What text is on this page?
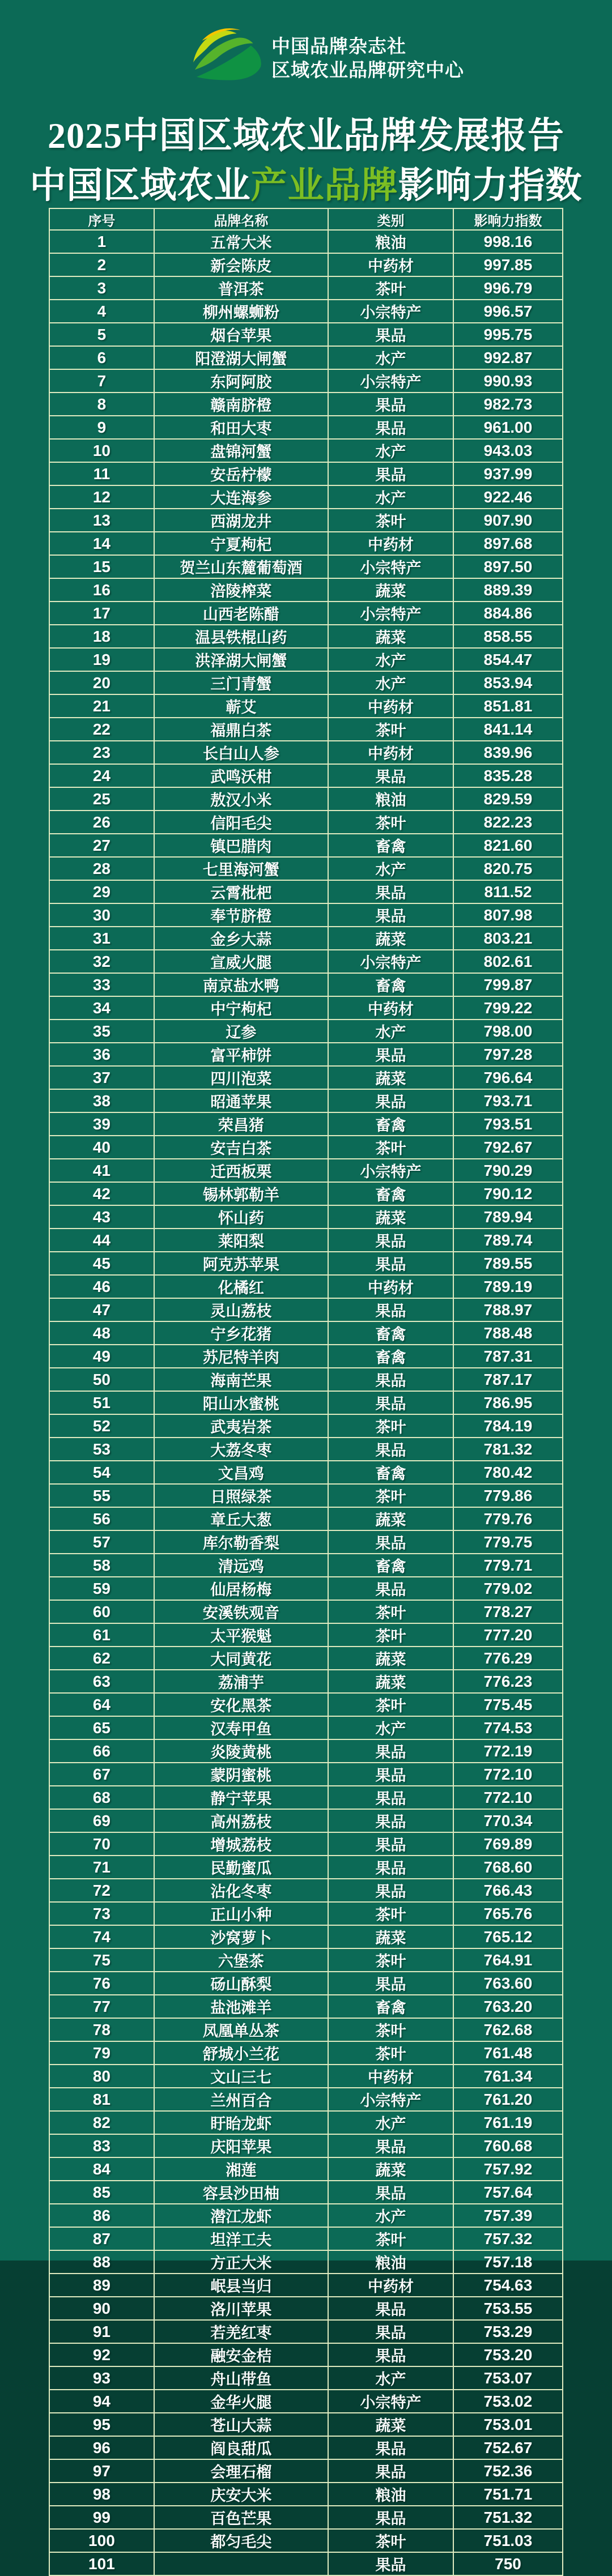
中国品牌杂志社
区域农业品牌研究中心
2025中国区域农业品牌发展报告
中国区域农业产业品牌影响力指数
序号	品牌名称	类别	影响力指数
1	五常大米	粮油	998.16
2	新会陈皮	中药材	997.85
3	普洱茶	茶叶	996.79
4	柳州螺蛳粉	小宗特产	996.57
5	烟台苹果	果品	995.75
6	阳澄湖大闸蟹	水产	992.87
7	东阿阿胶	小宗特产	990.93
8	赣南脐橙	果品	982.73
9	和田大枣	果品	961.00
10	盘锦河蟹	水产	943.03
11	安岳柠檬	果品	937.99
12	大连海参	水产	922.46
13	西湖龙井	茶叶	907.90
14	宁夏枸杞	中药材	897.68
15	贺兰山东麓葡萄酒	小宗特产	897.50
16	涪陵榨菜	蔬菜	889.39
17	山西老陈醋	小宗特产	884.86
18	温县铁棍山药	蔬菜	858.55
19	洪泽湖大闸蟹	水产	854.47
20	三门青蟹	水产	853.94
21	蕲艾	中药材	851.81
22	福鼎白茶	茶叶	841.14
23	长白山人参	中药材	839.96
24	武鸣沃柑	果品	835.28
25	敖汉小米	粮油	829.59
26	信阳毛尖	茶叶	822.23
27	镇巴腊肉	畜禽	821.60
28	七里海河蟹	水产	820.75
29	云霄枇杷	果品	811.52
30	奉节脐橙	果品	807.98
31	金乡大蒜	蔬菜	803.21
32	宣威火腿	小宗特产	802.61
33	南京盐水鸭	畜禽	799.87
34	中宁枸杞	中药材	799.22
35	辽参	水产	798.00
36	富平柿饼	果品	797.28
37	四川泡菜	蔬菜	796.64
38	昭通苹果	果品	793.71
39	荣昌猪	畜禽	793.51
40	安吉白茶	茶叶	792.67
41	迁西板栗	小宗特产	790.29
42	锡林郭勒羊	畜禽	790.12
43	怀山药	蔬菜	789.94
44	莱阳梨	果品	789.74
45	阿克苏苹果	果品	789.55
46	化橘红	中药材	789.19
47	灵山荔枝	果品	788.97
48	宁乡花猪	畜禽	788.48
49	苏尼特羊肉	畜禽	787.31
50	海南芒果	果品	787.17
51	阳山水蜜桃	果品	786.95
52	武夷岩茶	茶叶	784.19
53	大荔冬枣	果品	781.32
54	文昌鸡	畜禽	780.42
55	日照绿茶	茶叶	779.86
56	章丘大葱	蔬菜	779.76
57	库尔勒香梨	果品	779.75
58	清远鸡	畜禽	779.71
59	仙居杨梅	果品	779.02
60	安溪铁观音	茶叶	778.27
61	太平猴魁	茶叶	777.20
62	大同黄花	蔬菜	776.29
63	荔浦芋	蔬菜	776.23
64	安化黑茶	茶叶	775.45
65	汉寿甲鱼	水产	774.53
66	炎陵黄桃	果品	772.19
67	蒙阴蜜桃	果品	772.10
68	静宁苹果	果品	772.10
69	高州荔枝	果品	770.34
70	增城荔枝	果品	769.89
71	民勤蜜瓜	果品	768.60
72	沾化冬枣	果品	766.43
73	正山小种	茶叶	765.76
74	沙窝萝卜	蔬菜	765.12
75	六堡茶	茶叶	764.91
76	砀山酥梨	果品	763.60
77	盐池滩羊	畜禽	763.20
78	凤凰单丛茶	茶叶	762.68
79	舒城小兰花	茶叶	761.48
80	文山三七	中药材	761.34
81	兰州百合	小宗特产	761.20
82	盱眙龙虾	水产	761.19
83	庆阳苹果	果品	760.68
84	湘莲	蔬菜	757.92
85	容县沙田柚	果品	757.64
86	潜江龙虾	水产	757.39
87	坦洋工夫	茶叶	757.32
88	方正大米	粮油	757.18
89	岷县当归	中药材	754.63
90	洛川苹果	果品	753.55
91	若羌红枣	果品	753.29
92	融安金桔	果品	753.20
93	舟山带鱼	水产	753.07
94	金华火腿	小宗特产	753.02
95	苍山大蒜	蔬菜	753.01
96	阎良甜瓜	果品	752.67
97	会理石榴	果品	752.36
98	庆安大米	粮油	751.71
99	百色芒果	果品	751.32
100	都匀毛尖	茶叶	751.03
101		果品	750
